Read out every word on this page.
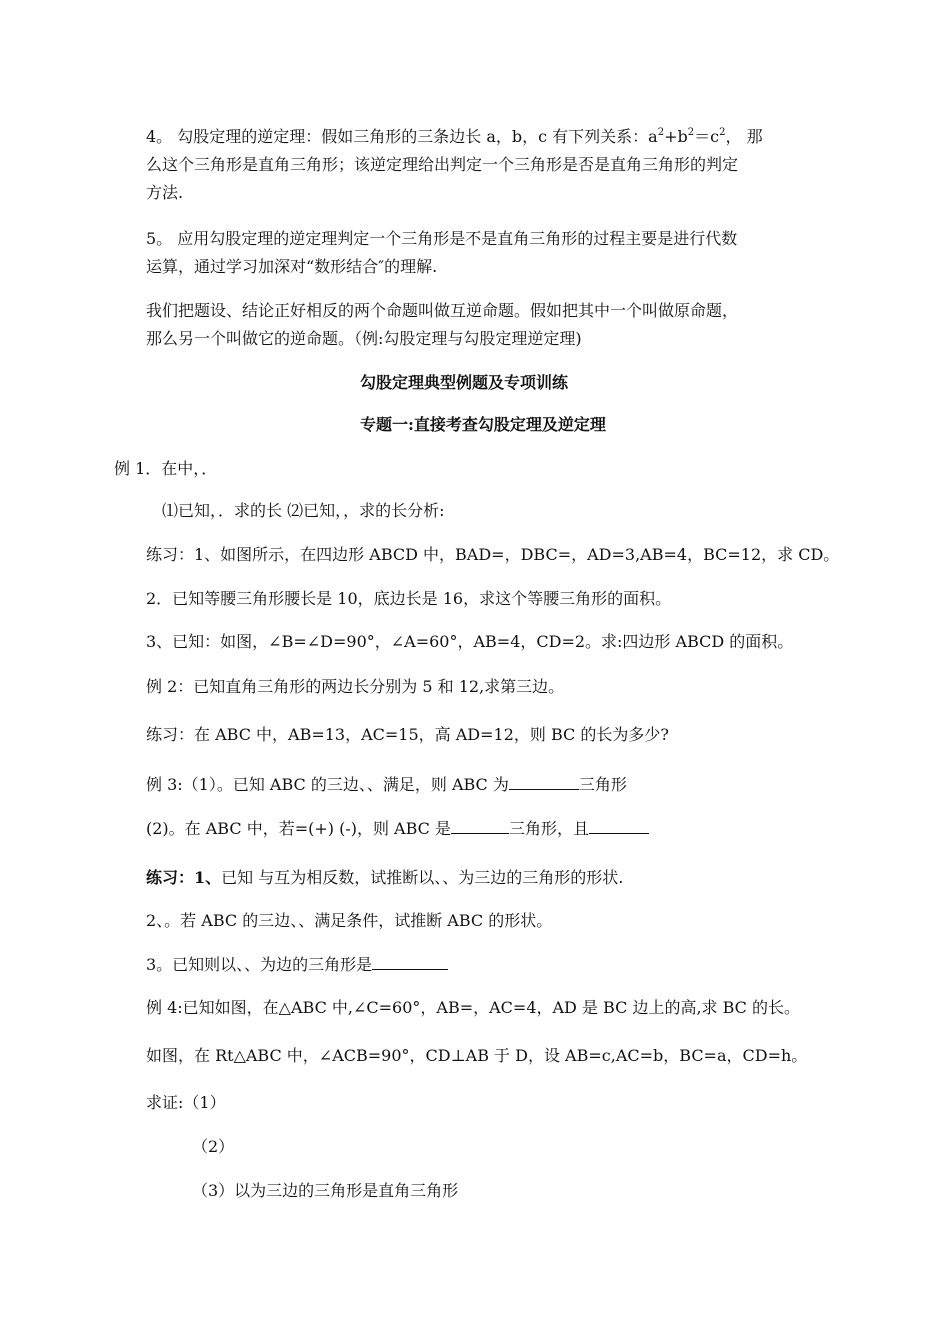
4。 勾股定理的逆定理：假如三角形的三条边长 a，b，c 有下列关系：$a^2+b^2=c^2$， 那
么这个三角形是直角三角形；该逆定理给出判定一个三角形是否是直角三角形的判定
方法.
5。 应用勾股定理的逆定理判定一个三角形是不是直角三角形的过程主要是进行代数
运算，通过学习加深对“数形结合″的理解.
我们把题设、结论正好相反的两个命题叫做互逆命题。假如把其中一个叫做原命题，
那么另一个叫做它的逆命题。（例:勾股定理与勾股定理逆定理)
勾股定理典型例题及专项训练
专题一:直接考查勾股定理及逆定理
例 1．在中，．
⑴已知，．求的长 ⑵已知，，求的长分析:
练习：1、如图所示，在四边形 ABCD 中，BAD=，DBC=，AD=3,AB=4，BC=12，求 CD。
2．已知等腰三角形腰长是 10，底边长是 16，求这个等腰三角形的面积。
3、已知：如图，∠B=∠D=90°，∠A=60°，AB=4，CD=2。求:四边形 ABCD 的面积。
例 2：已知直角三角形的两边长分别为 5 和 12,求第三边。
练习：在 ABC 中，AB=13，AC=15，高 AD=12，则 BC 的长为多少?
例 3:（1）。已知 ABC 的三边、、满足，则 ABC 为	三角形
(2)。在 ABC 中，若=(+) (-)，则 ABC 是	三角形，且
练习：1、已知 与互为相反数，试推断以、、为三边的三角形的形状.
2、。若 ABC 的三边、、满足条件，试推断 ABC 的形状。
3。已知则以、、为边的三角形是
例 4:已知如图，在△ABC 中,∠C=60°，AB=，AC=4，AD 是 BC 边上的高,求 BC 的长。
如图，在 Rt△ABC 中，∠ACB=90°，CD⊥AB 于 D，设 AB=c,AC=b，BC=a，CD=h。
求证:（1）
（2）
（3）以为三边的三角形是直角三角形
